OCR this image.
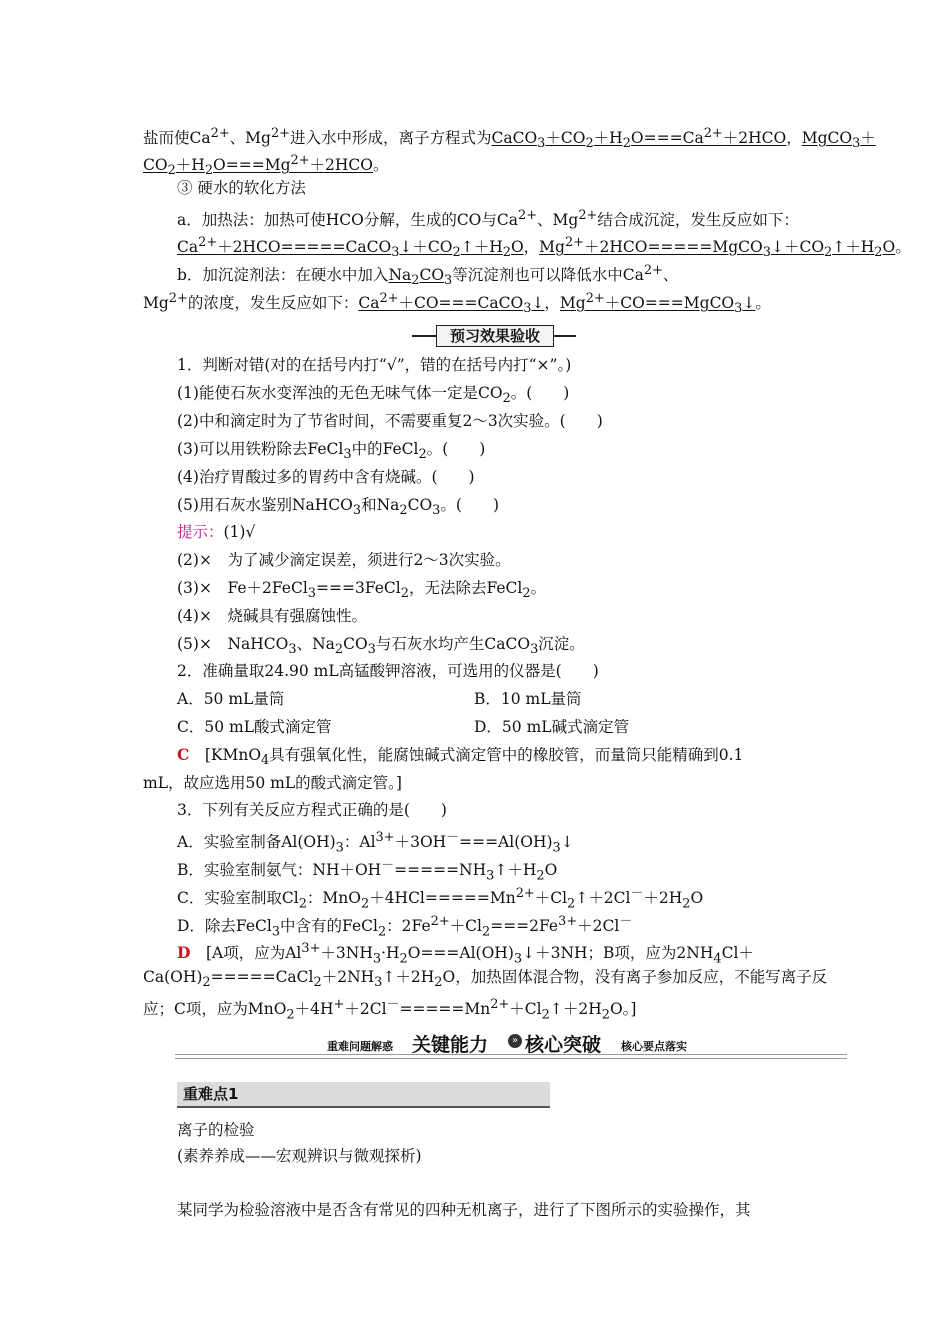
盐而使$Ca^{2+}$、$Mg^{2+}$进入水中形成，离子方程式为$CaCO_3+CO_2+H_2O===Ca^{2+}+2HCO$，MgCO$_3$＋
$CO_2+H_2O===Mg^{2+}+2HCO$。
③ 硬水的软化方法
a．加热法：加热可使HCO分解，生成的CO与$Ca^{2+}$、$Mg^{2+}$结合成沉淀，发生反应如下：
$Ca^{2+}+2HCO=====CaCO_3↓+CO_2↑+H_2O$，$Mg^{2+}+2HCO=====MgCO_3↓+CO_2↑+H_2O$。
b．加沉淀剂法：在硬水中加入$Na_2CO_3$等沉淀剂也可以降低水中$Ca^{2+}$、
$Mg^{2+}$的浓度，发生反应如下：$Ca^{2+}+CO===CaCO_3↓$，$Mg^{2+}+CO===MgCO_3↓$。
1．判断对错(对的在括号内打“√”，错的在括号内打“×”。)
(1)能使石灰水变浑浊的无色无味气体一定是$CO_2$。(　　)
(2)中和滴定时为了节省时间，不需要重复2～3次实验。(　　)
(3)可以用铁粉除去FeCl$_3$中的FeCl$_2$。(　　)
(4)治疗胃酸过多的胃药中含有烧碱。(　　)
(5)用石灰水鉴别NaHCO$_3$和$Na_2CO_3$。(　　)
提示：(1)√
(2)×　为了减少滴定误差，须进行2～3次实验。
(3)×　Fe＋2FeCl$_3$===3FeCl$_2$，无法除去FeCl$_2$。
(4)×　烧碱具有强腐蚀性。
(5)×　NaHCO$_3$、$Na_2CO_3$与石灰水均产生CaCO$_3$沉淀。
2．准确量取24.90 mL高锰酸钾溶液，可选用的仪器是(　　)
A．50 mL量筒	B．10 mL量筒
C．50 mL酸式滴定管	D．50 mL碱式滴定管
C　[KMnO$_4$具有强氧化性，能腐蚀碱式滴定管中的橡胶管，而量筒只能精确到0.1
mL，故应选用50 mL的酸式滴定管。]
3．下列有关反应方程式正确的是(　　)
A．实验室制备$Al(OH)_3$：$Al^{3+}+3OH^-===Al(OH)_3↓$
B．实验室制氨气：$NH+OH^-=====NH_3↑+H_2O$
C．实验室制取$Cl_2$：$MnO_2+4HCl=====Mn^{2+}+Cl_2↑+2Cl^-+2H_2O$
D．除去FeCl$_3$中含有的FeCl$_2$：$2Fe^{2+}+Cl_2===2Fe^{3+}+2Cl^-$
D　[A项，应为$Al^{3+}+3NH_3\cdot H_2O===Al(OH)_3↓+3NH$；B项，应为$2NH_4Cl+$
$Ca(OH)_2=====CaCl_2+2NH_3↑+2H_2O$，加热固体混合物，没有离子参加反应，不能写离子反
应；C项，应为$MnO_2+4H^++2Cl^-=====Mn^{2+}+Cl_2↑+2H_2O$。]
离子的检验
(素养养成——宏观辨识与微观探析)
某同学为检验溶液中是否含有常见的四种无机离子，进行了下图所示的实验操作，其
预习效果验收
重难问题解惑 关键能力	» 核心突破 核心要点落实
重难点1
